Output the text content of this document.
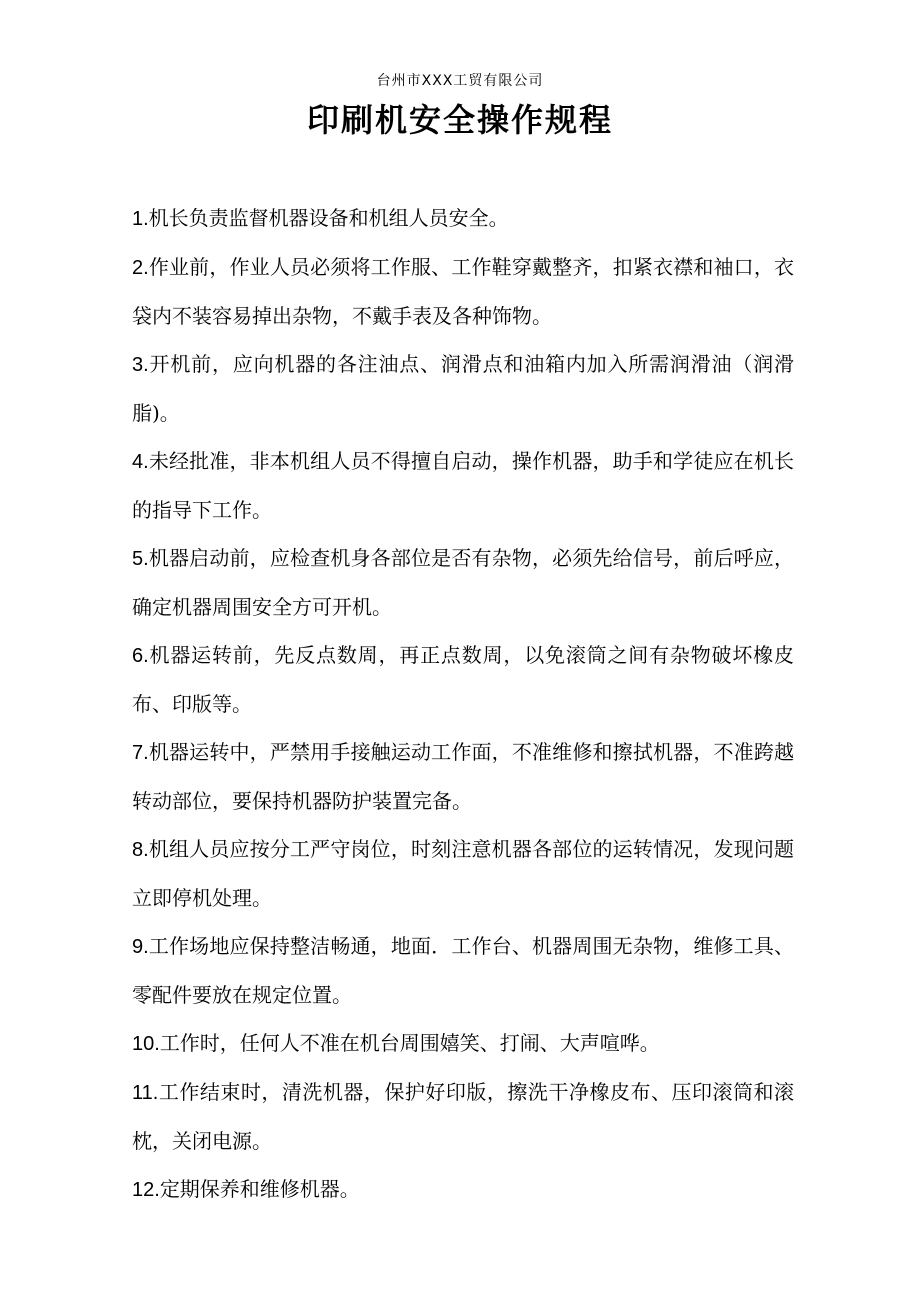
台州市XXX工贸有限公司
印刷机安全操作规程
1.机长负责监督机器设备和机组人员安全。
2.作业前，作业人员必须将工作服、工作鞋穿戴整齐，扣紧衣襟和袖口，衣袋内不装容易掉出杂物，不戴手表及各种饰物。
3.开机前，应向机器的各注油点、润滑点和油箱内加入所需润滑油（润滑脂)。
4.未经批准，非本机组人员不得擅自启动，操作机器，助手和学徒应在机长的指导下工作。
5.机器启动前，应检查机身各部位是否有杂物，必须先给信号，前后呼应，确定机器周围安全方可开机。
6.机器运转前，先反点数周，再正点数周，以免滚筒之间有杂物破坏橡皮布、印版等。
7.机器运转中，严禁用手接触运动工作面，不准维修和擦拭机器，不准跨越转动部位，要保持机器防护装置完备。
8.机组人员应按分工严守岗位，时刻注意机器各部位的运转情况，发现问题立即停机处理。
9.工作场地应保持整洁畅通，地面．工作台、机器周围无杂物，维修工具、零配件要放在规定位置。
10.工作时，任何人不准在机台周围嬉笑、打闹、大声喧哗。
11.工作结束时，清洗机器，保护好印版，擦洗干净橡皮布、压印滚筒和滚枕，关闭电源。
12.定期保养和维修机器。
